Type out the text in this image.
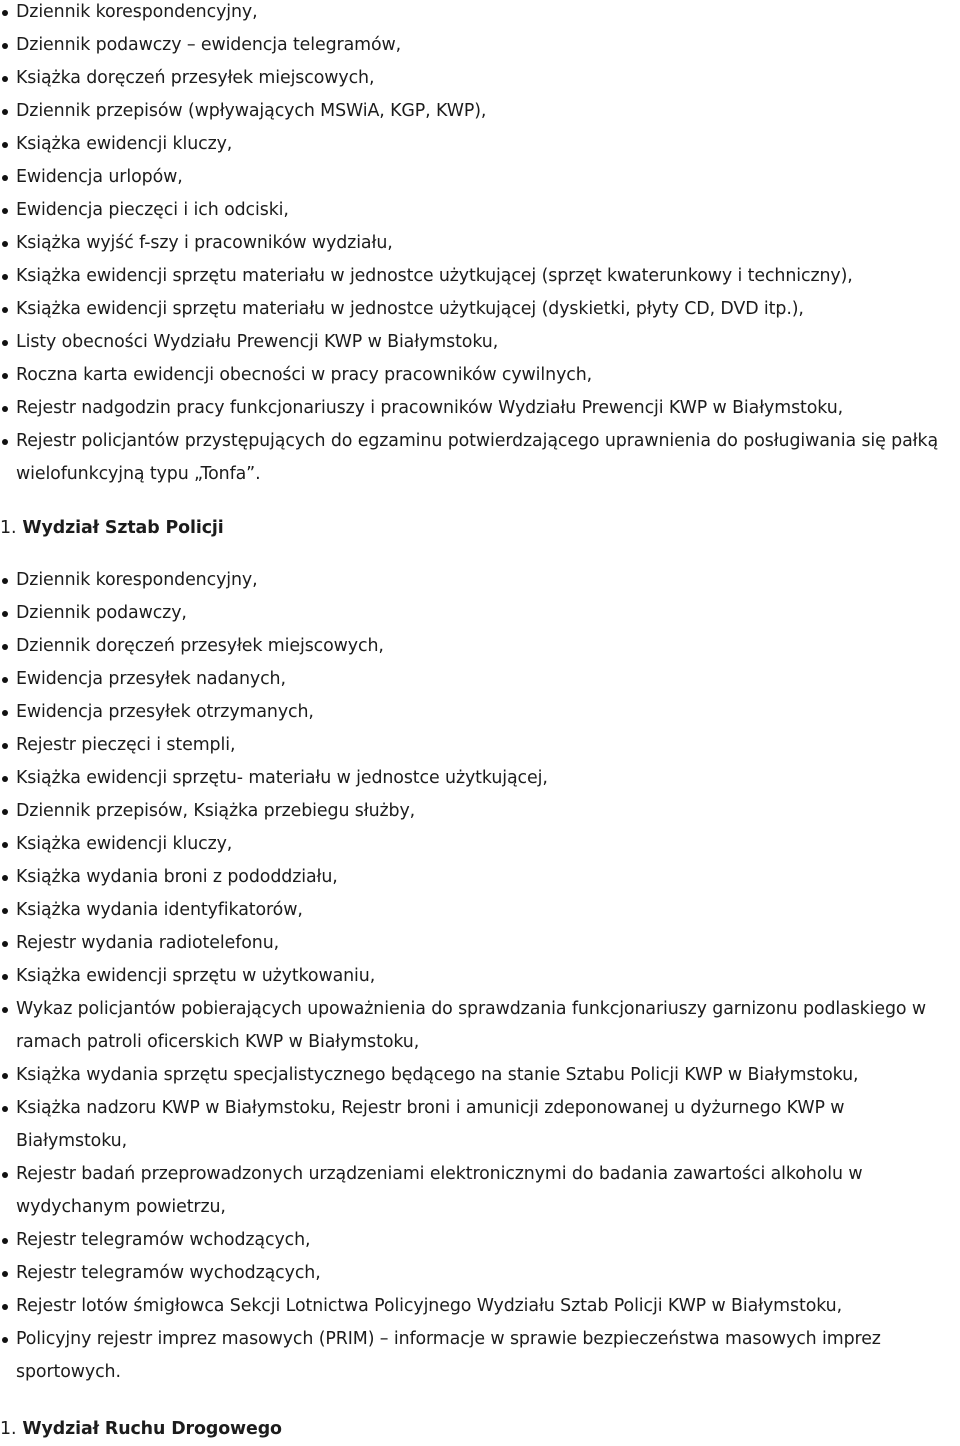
Dziennik korespondencyjny,
Dziennik podawczy – ewidencja telegramów,
Książka doręczeń przesyłek miejscowych,
Dziennik przepisów (wpływających MSWiA, KGP, KWP),
Książka ewidencji kluczy,
Ewidencja urlopów,
Ewidencja pieczęci i ich odciski,
Książka wyjść f-szy i pracowników wydziału,
Książka ewidencji sprzętu materiału w jednostce użytkującej (sprzęt kwaterunkowy i techniczny),
Książka ewidencji sprzętu materiału w jednostce użytkującej (dyskietki, płyty CD, DVD itp.),
Listy obecności Wydziału Prewencji KWP w Białymstoku,
Roczna karta ewidencji obecności w pracy pracowników cywilnych,
Rejestr nadgodzin pracy funkcjonariuszy i pracowników Wydziału Prewencji KWP w Białymstoku,
Rejestr policjantów przystępujących do egzaminu potwierdzającego uprawnienia do posługiwania się pałką wielofunkcyjną typu „Tonfa”.
1. Wydział Sztab Policji
Dziennik korespondencyjny,
Dziennik podawczy,
Dziennik doręczeń przesyłek miejscowych,
Ewidencja przesyłek nadanych,
Ewidencja przesyłek otrzymanych,
Rejestr pieczęci i stempli,
Książka ewidencji sprzętu- materiału w jednostce użytkującej,
Dziennik przepisów, Książka przebiegu służby,
Książka ewidencji kluczy,
Książka wydania broni z pododdziału,
Książka wydania identyfikatorów,
Rejestr wydania radiotelefonu,
Książka ewidencji sprzętu w użytkowaniu,
Wykaz policjantów pobierających upoważnienia do sprawdzania funkcjonariuszy garnizonu podlaskiego w ramach patroli oficerskich KWP w Białymstoku,
Książka wydania sprzętu specjalistycznego będącego na stanie Sztabu Policji KWP w Białymstoku,
Książka nadzoru KWP w Białymstoku, Rejestr broni i amunicji zdeponowanej u dyżurnego KWP w Białymstoku,
Rejestr badań przeprowadzonych urządzeniami elektronicznymi do badania zawartości alkoholu w wydychanym powietrzu,
Rejestr telegramów wchodzących,
Rejestr telegramów wychodzących,
Rejestr lotów śmigłowca Sekcji Lotnictwa Policyjnego Wydziału Sztab Policji KWP w Białymstoku,
Policyjny rejestr imprez masowych (PRIM) – informacje w sprawie bezpieczeństwa masowych imprez sportowych.
1. Wydział Ruchu Drogowego
